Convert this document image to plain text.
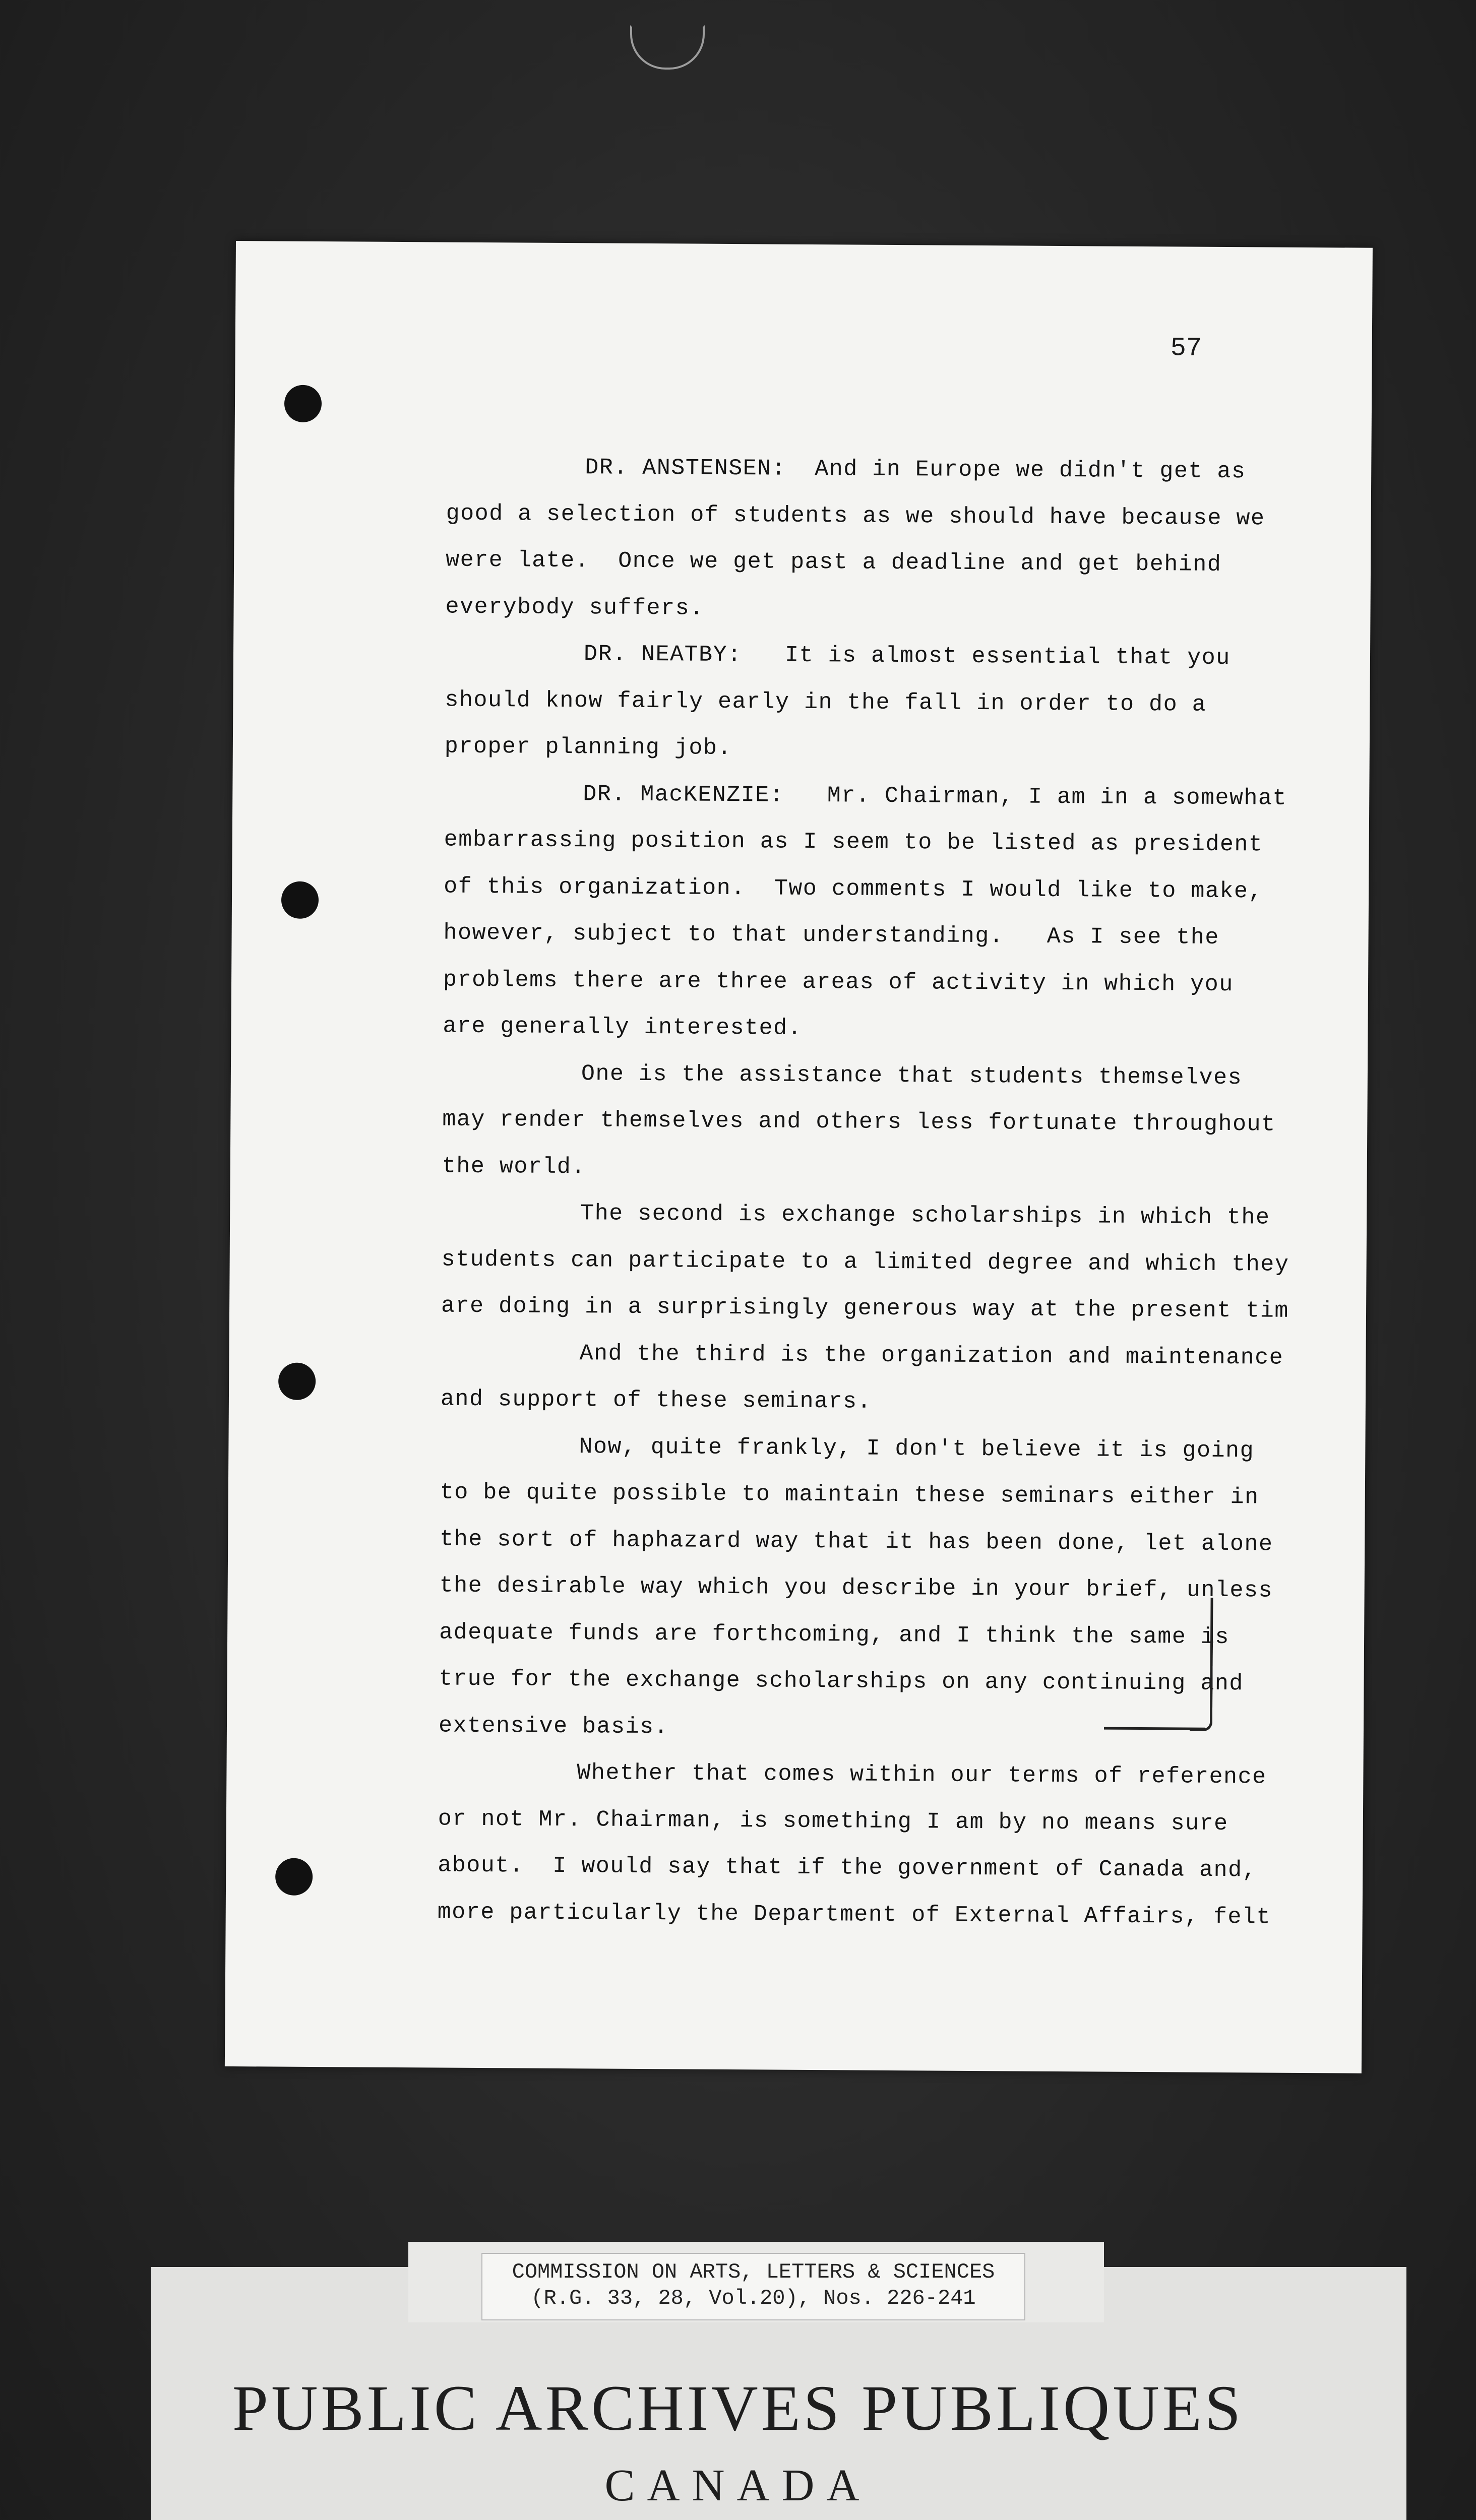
57
DR. ANSTENSEN:  And in Europe we didn't get as
good a selection of students as we should have because we
were late.  Once we get past a deadline and get behind
everybody suffers.
DR. NEATBY:   It is almost essential that you
should know fairly early in the fall in order to do a
proper planning job.
DR. MacKENZIE:   Mr. Chairman, I am in a somewhat
embarrassing position as I seem to be listed as president
of this organization.  Two comments I would like to make,
however, subject to that understanding.   As I see the
problems there are three areas of activity in which you
are generally interested.
One is the assistance that students themselves
may render themselves and others less fortunate throughout
the world.
The second is exchange scholarships in which the
students can participate to a limited degree and which they
are doing in a surprisingly generous way at the present tim
And the third is the organization and maintenance
and support of these seminars.
Now, quite frankly, I don't believe it is going
to be quite possible to maintain these seminars either in
the sort of haphazard way that it has been done, let alone
the desirable way which you describe in your brief, unless
adequate funds are forthcoming, and I think the same is
true for the exchange scholarships on any continuing and
extensive basis.
Whether that comes within our terms of reference
or not Mr. Chairman, is something I am by no means sure
about.  I would say that if the government of Canada and,
more particularly the Department of External Affairs, felt
COMMISSION ON ARTS, LETTERS & SCIENCES
(R.G. 33, 28, Vol.20), Nos. 226-241
PUBLIC ARCHIVES PUBLIQUES
CANADA
